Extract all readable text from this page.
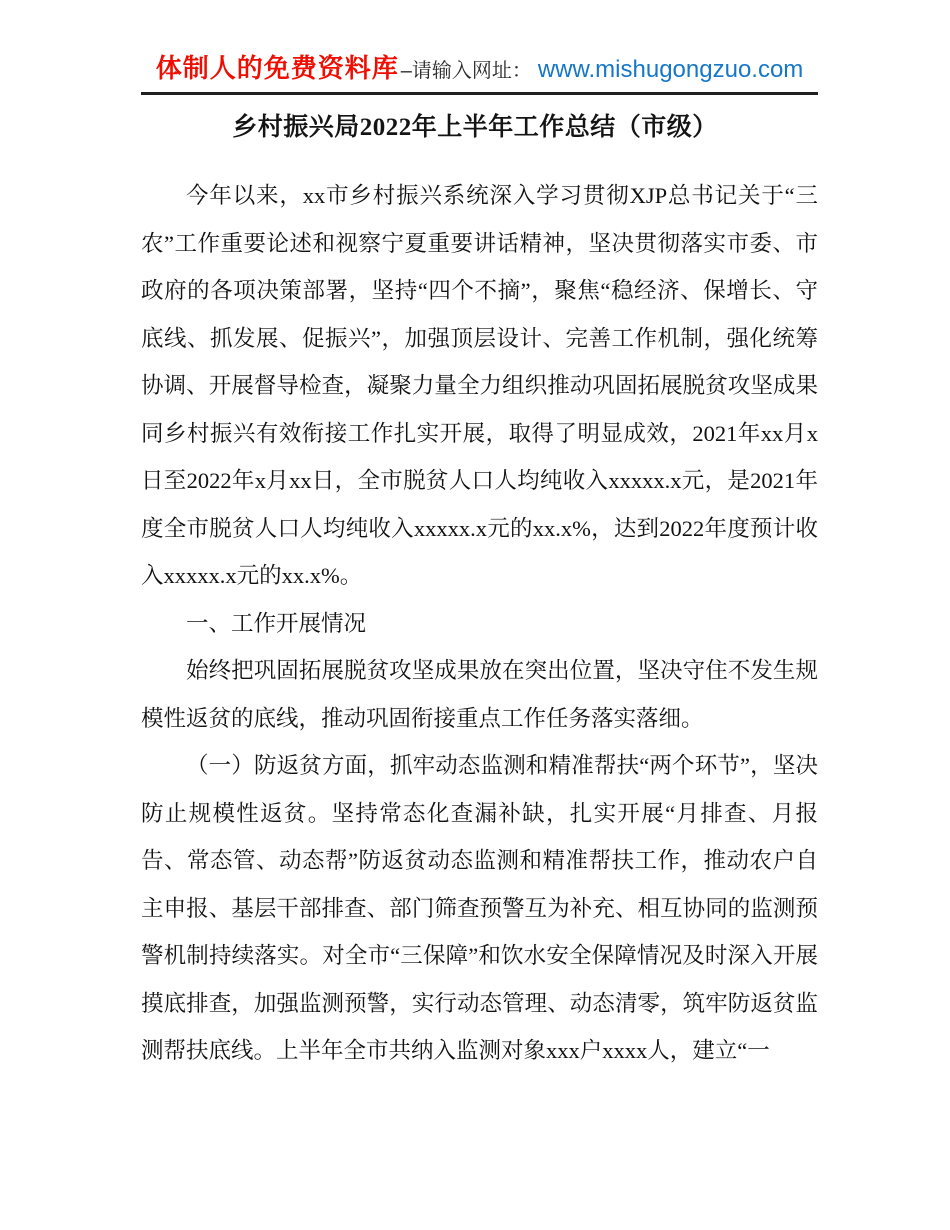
体制人的免费资料库 –请输入网址： www.mishugongzuo.com
乡村振兴局2022年上半年工作总结（市级）

今年以来，xx市乡村振兴系统深入学习贯彻XJP总书记关于“三农”工作重要论述和视察宁夏重要讲话精神，坚决贯彻落实市委、市政府的各项决策部署，坚持“四个不摘”，聚焦“稳经济、保增长、守底线、抓发展、促振兴”，加强顶层设计、完善工作机制，强化统筹协调、开展督导检查，凝聚力量全力组织推动巩固拓展脱贫攻坚成果同乡村振兴有效衔接工作扎实开展，取得了明显成效，2021年xx月x日至2022年x月xx日，全市脱贫人口人均纯收入xxxxx.x元，是2021年度全市脱贫人口人均纯收入xxxxx.x元的xx.x%，达到2022年度预计收入xxxxx.x元的xx.x%。

一、工作开展情况

始终把巩固拓展脱贫攻坚成果放在突出位置，坚决守住不发生规模性返贫的底线，推动巩固衔接重点工作任务落实落细。

（一）防返贫方面，抓牢动态监测和精准帮扶“两个环节”，坚决防止规模性返贫。坚持常态化查漏补缺，扎实开展“月排查、月报告、常态管、动态帮”防返贫动态监测和精准帮扶工作，推动农户自主申报、基层干部排查、部门筛查预警互为补充、相互协同的监测预警机制持续落实。对全市“三保障”和饮水安全保障情况及时深入开展摸底排查，加强监测预警，实行动态管理、动态清零，筑牢防返贫监测帮扶底线。上半年全市共纳入监测对象xxx户xxxx人，建立“一
